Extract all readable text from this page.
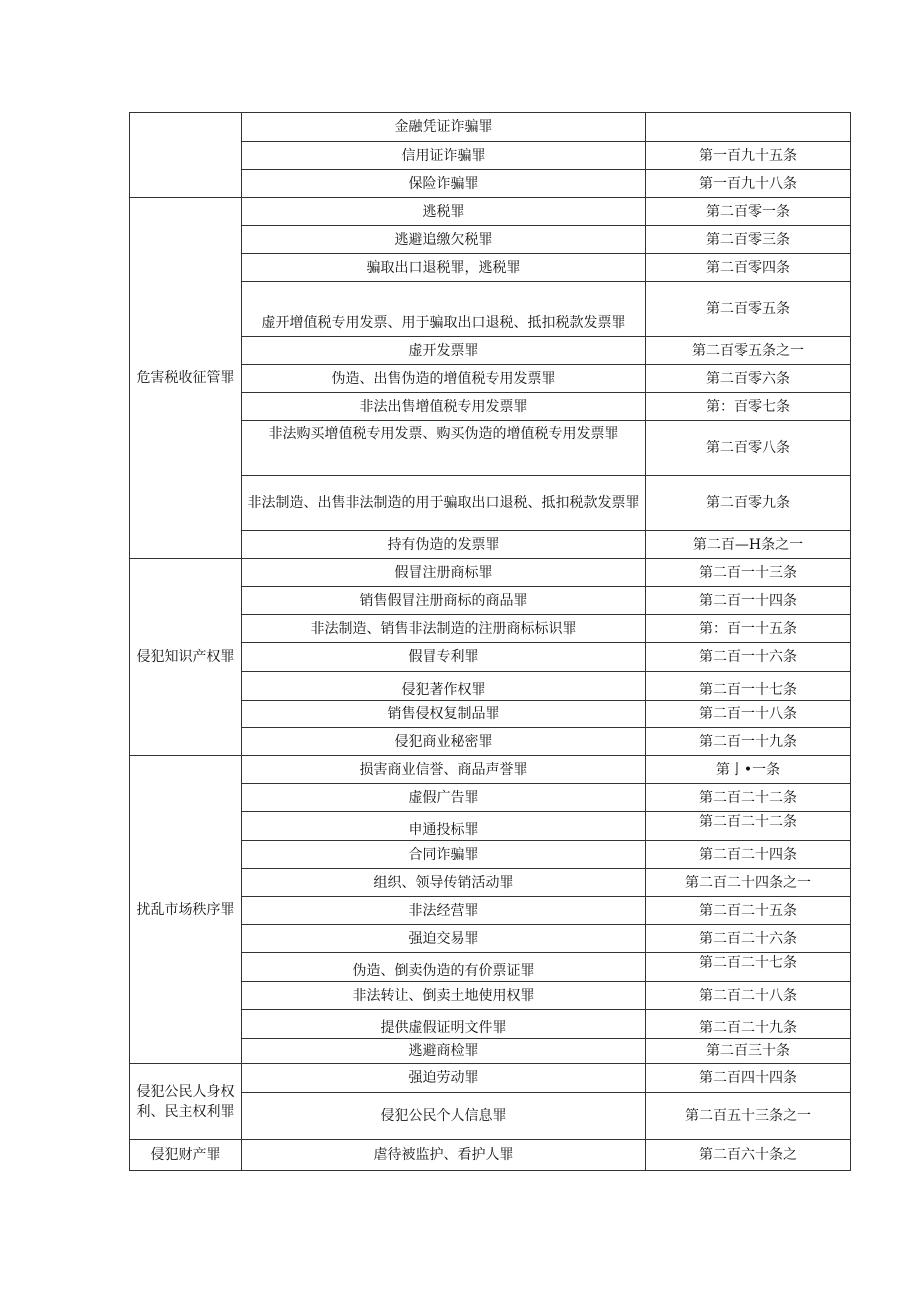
	金融凭证诈骗罪	
	信用证诈骗罪	第一百九十五条
	保险诈骗罪	第一百九十八条
危害税收征管罪	逃税罪	第二百零一条
	逃避追缴欠税罪	第二百零三条
	骗取出口退税罪，逃税罪	第二百零四条
	虚开增值税专用发票、用于骗取出口退税、抵扣税款发票罪	第二百零五条
	虚开发票罪	第二百零五条之一
	伪造、出售伪造的增值税专用发票罪	第二百零六条
	非法出售增值税专用发票罪	第：百零七条
	非法购买增值税专用发票、购买伪造的增值税专用发票罪	第二百零八条
	非法制造、出售非法制造的用于骗取出口退税、抵扣税款发票罪	第二百零九条
	持有伪造的发票罪	第二百—H条之一
侵犯知识产权罪	假冒注册商标罪	第二百一十三条
	销售假冒注册商标的商品罪	第二百一十四条
	非法制造、销售非法制造的注册商标标识罪	第：百一十五条
	假冒专利罪	第二百一十六条
	侵犯著作权罪	第二百一十七条
	销售侵权复制品罪	第二百一十八条
	侵犯商业秘密罪	第二百一十九条
扰乱市场秩序罪	损害商业信誉、商品声誉罪	第亅•一条
	虚假广告罪	第二百二十二条
	申通投标罪	第二百二十二条
	合同诈骗罪	第二百二十四条
	组织、领导传销活动罪	第二百二十四条之一
	非法经营罪	第二百二十五条
	强迫交易罪	第二百二十六条
	伪造、倒卖伪造的有价票证罪	第二百二十七条
	非法转让、倒卖土地使用权罪	第二百二十八条
	提供虚假证明文件罪	第二百二十九条
	逃避商检罪	第二百三十条
侵犯公民人身权利、民主权利罪	强迫劳动罪	第二百四十四条
	侵犯公民个人信息罪	第二百五十三条之一
侵犯财产罪	虐待被监护、看护人罪	第二百六十条之
